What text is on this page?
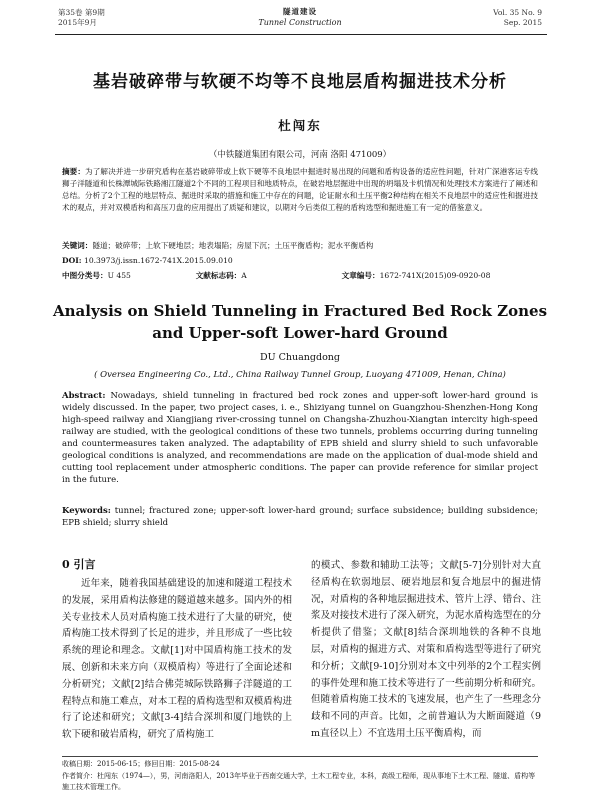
第35卷 第9期
2015年9月
隧道建设
Tunnel Construction
Vol. 35 No. 9
Sep. 2015
基岩破碎带与软硬不均等不良地层盾构掘进技术分析
杜闯东
（中铁隧道集团有限公司，河南 洛阳 471009）
摘要：为了解决并进一步研究盾构在基岩破碎带或上软下硬等不良地层中掘进时易出现的问题和盾构设备的适应性问题，针对广深港客运专线狮子洋隧道和长株潭城际铁路湘江隧道2个不同的工程项目和地质特点，在破岩地层掘进中出现的坍塌及卡机情况和处理技术方案进行了阐述和总结。分析了2个工程的地层特点、掘进时采取的措施和施工中存在的问题，论证耐水和土压平衡2种结构在相关不良地层中的适应性和掘进技术的观点，并对双模盾构和高压刀盘的应用提出了质疑和建议，以期对今后类似工程的盾构选型和掘进施工有一定的借鉴意义。
关键词：隧道；破碎带；上软下硬地层；地表塌陷；房屋下沉；土压平衡盾构；泥水平衡盾构
DOI: 10.3973/j.issn.1672-741X.2015.09.010
中图分类号：U 455	文献标志码：A	文章编号：1672-741X(2015)09-0920-08
Analysis on Shield Tunneling in Fractured Bed Rock Zones
and Upper-soft Lower-hard Ground
DU Chuangdong
( Oversea Engineering Co., Ltd., China Railway Tunnel Group, Luoyang 471009, Henan, China)
Abstract: Nowadays, shield tunneling in fractured bed rock zones and upper-soft lower-hard ground is widely discussed. In the paper, two project cases, i. e., Shiziyang tunnel on Guangzhou-Shenzhen-Hong Kong high-speed railway and Xiangjiang river-crossing tunnel on Changsha-Zhuzhou-Xiangtan intercity high-speed railway are studied, with the geological conditions of these two tunnels, problems occurring during tunneling and countermeasures taken analyzed. The adaptability of EPB shield and slurry shield to such unfavorable geological conditions is analyzed, and recommendations are made on the application of dual-mode shield and cutting tool replacement under atmospheric conditions. The paper can provide reference for similar project in the future.
Keywords: tunnel; fractured zone; upper-soft lower-hard ground; surface subsidence; building subsidence; EPB shield; slurry shield
0 引言
近年来，随着我国基础建设的加速和隧道工程技术的发展，采用盾构法修建的隧道越来越多。国内外的相关专业技术人员对盾构施工技术进行了大量的研究，使盾构施工技术得到了长足的进步，并且形成了一些比较系统的理论和理念。文献[1]对中国盾构施工技术的发展、创新和未来方向（双模盾构）等进行了全面论述和分析研究；文献[2]结合佛莞城际铁路狮子洋隧道的工程特点和施工难点，对本工程的盾构选型和双模盾构进行了论述和研究；文献[3-4]结合深圳和厦门地铁的上软下硬和破岩盾构，研究了盾构施工
的模式、参数和辅助工法等；文献[5-7]分别针对大直径盾构在软弱地层、硬岩地层和复合地层中的掘进情况，对盾构的各种地层掘进技术、管片上浮、错台、注浆及对接技术进行了深入研究，为泥水盾构选型在的分析提供了借鉴；文献[8]结合深圳地铁的各种不良地层，对盾构的掘进方式、对策和盾构选型等进行了研究和分析；文献[9-10]分别对本文中列举的2个工程实例的事件处理和施工技术等进行了一些前期分析和研究。但随着盾构施工技术的飞速发展，也产生了一些理念分歧和不同的声音。比如，之前普遍认为大断面隧道（9 m直径以上）不宜选用土压平衡盾构，而
收稿日期：2015-06-15；修回日期：2015-08-24
作者简介：杜闯东（1974—），男，河南洛阳人，2013年毕业于西南交通大学，土木工程专业，本科，高级工程师，现从事地下土木工程、隧道、盾构等施工技术管理工作。
